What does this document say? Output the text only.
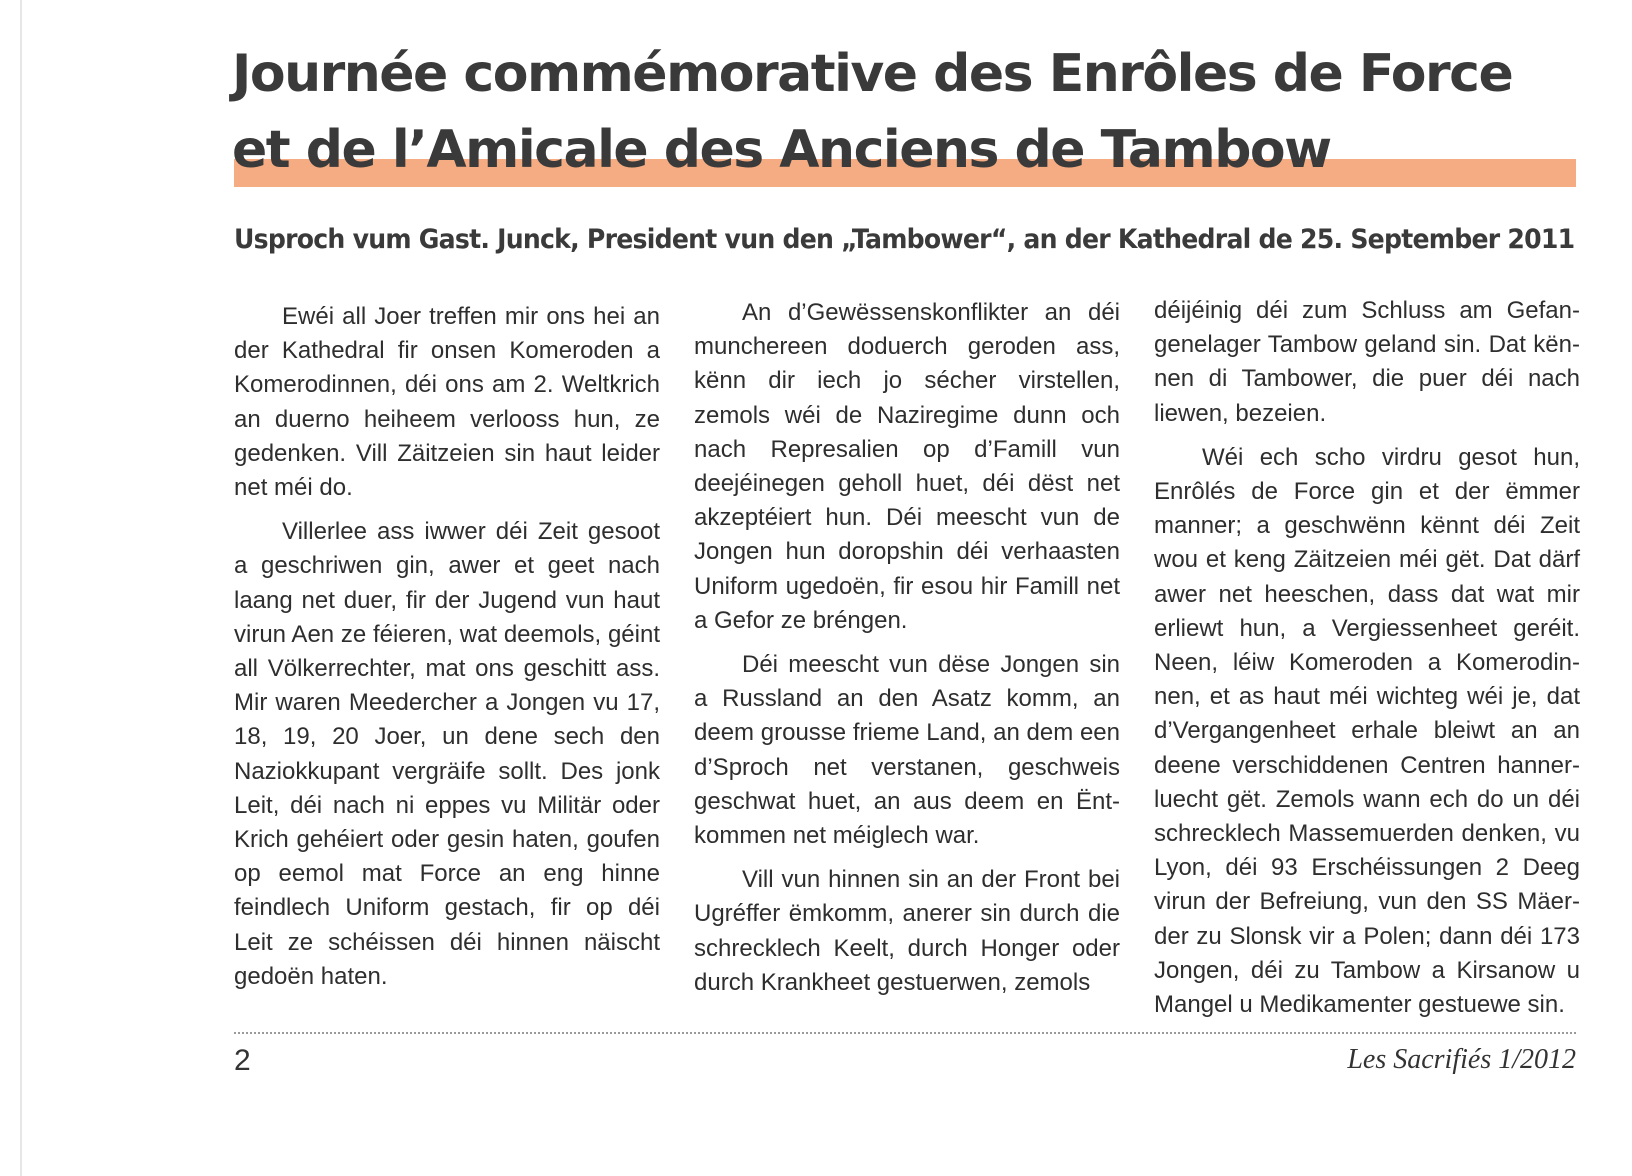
Journée commémorative des Enrôles de Force
et de l’Amicale des Anciens de Tambow
Usproch vum Gast. Junck, President vun den „Tambower“, an der Kathedral de 25. September 2011

Ewéi all Joer treffen mir ons hei an der Kathedral fir onsen Komeroden a Komerodinnen, déi ons am 2. Weltkrich an duerno heiheem verlooss hun, ze gedenken. Vill Zäitzeien sin haut leider net méi do.

Villerlee ass iwwer déi Zeit gesoot a geschriwen gin, awer et geet nach laang net duer, fir der Jugend vun haut virun Aen ze féieren, wat deemols, géint all Völkerrechter, mat ons geschitt ass. Mir waren Meedercher a Jongen vu 17, 18, 19, 20 Joer, un dene sech den Naziokkupant vergräife sollt. Des jonk Leit, déi nach ni eppes vu Militär oder Krich gehéiert oder gesin haten, goufen op eemol mat Force an eng hinne feindlech Uniform gestach, fir op déi Leit ze schéissen déi hinnen näischt gedoën haten.

An d’Gewëssenskonflikter an déi munchereen doduerch geroden ass, kënn dir iech jo sécher virstellen, zemols wéi de Naziregime dunn och nach Represalien op d’Famill vun deejéinegen geholl huet, déi dëst net akzeptéiert hun. Déi meescht vun de Jongen hun doropshin déi verhaasten Uniform ugedoën, fir esou hir Famill net a Gefor ze bréngen.

Déi meescht vun dëse Jongen sin a Russland an den Asatz komm, an deem grousse frieme Land, an dem een d’Sproch net verstanen, geschweis geschwat huet, an aus deem en Ëntkommen net méiglech war.

Vill vun hinnen sin an der Front bei Ugréffer ëmkomm, anerer sin durch die schrecklech Keelt, durch Honger oder durch Krankheet gestuerwen, zemols

déijéinig déi zum Schluss am Gefangenelager Tambow geland sin. Dat kënnen di Tambower, die puer déi nach liewen, bezeien.

Wéi ech scho virdru gesot hun, Enrôlés de Force gin et der ëmmer manner; a geschwënn kënnt déi Zeit wou et keng Zäitzeien méi gët. Dat därf awer net heeschen, dass dat wat mir erliewt hun, a Vergiessenheet geréit. Neen, léiw Komeroden a Komerodinnen, et as haut méi wichteg wéi je, dat d’Vergangenheet erhale bleiwt an an deene verschiddenen Centren hannerluecht gët. Zemols wann ech do un déi schrecklech Massemuerden denken, vu Lyon, déi 93 Erschéissungen 2 Deeg virun der Befreiung, vun den SS Mäerder zu Slonsk vir a Polen; dann déi 173 Jongen, déi zu Tambow a Kirsanow u Mangel u Medikamenter gestuewe sin.

2	Les Sacrifiés 1/2012
